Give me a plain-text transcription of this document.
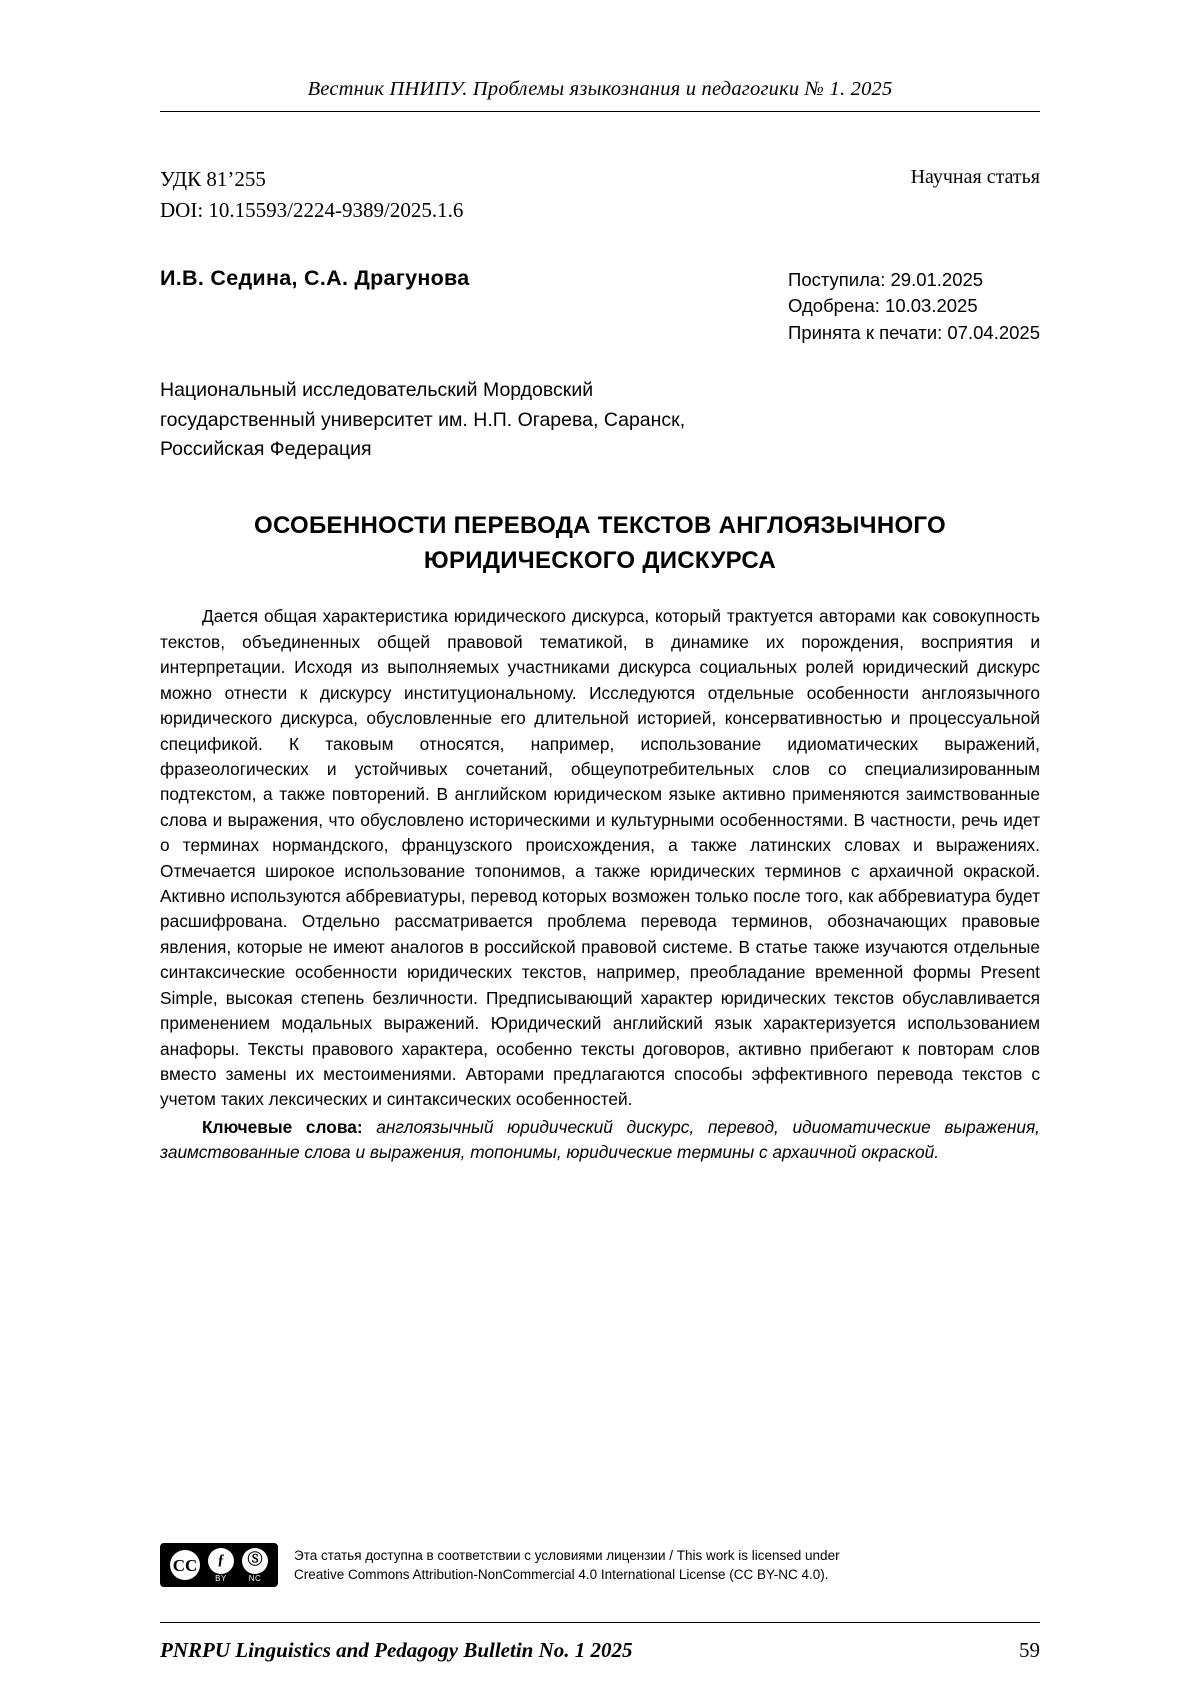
Вестник ПНИПУ. Проблемы языкознания и педагогики № 1. 2025
УДК 81’255
DOI: 10.15593/2224-9389/2025.1.6
Научная статья
И.В. Седина, С.А. Драгунова	Поступила: 29.01.2025
Одобрена: 10.03.2025
Принята к печати: 07.04.2025
Национальный исследовательский Мордовский государственный университет им. Н.П. Огарева, Саранск, Российская Федерация
ОСОБЕННОСТИ ПЕРЕВОДА ТЕКСТОВ АНГЛОЯЗЫЧНОГО ЮРИДИЧЕСКОГО ДИСКУРСА
Дается общая характеристика юридического дискурса, который трактуется авторами как совокупность текстов, объединенных общей правовой тематикой, в динамике их порождения, восприятия и интерпретации. Исходя из выполняемых участниками дискурса социальных ролей юридический дискурс можно отнести к дискурсу институциональному. Исследуются отдельные особенности англоязычного юридического дискурса, обусловленные его длительной историей, консервативностью и процессуальной спецификой. К таковым относятся, например, использование идиоматических выражений, фразеологических и устойчивых сочетаний, общеупотребительных слов со специализированным подтекстом, а также повторений. В английском юридическом языке активно применяются заимствованные слова и выражения, что обусловлено историческими и культурными особенностями. В частности, речь идет о терминах нормандского, французского происхождения, а также латинских словах и выражениях. Отмечается широкое использование топонимов, а также юридических терминов с архаичной окраской. Активно используются аббревиатуры, перевод которых возможен только после того, как аббревиатура будет расшифрована. Отдельно рассматривается проблема перевода терминов, обозначающих правовые явления, которые не имеют аналогов в российской правовой системе. В статье также изучаются отдельные синтаксические особенности юридических текстов, например, преобладание временной формы Present Simple, высокая степень безличности. Предписывающий характер юридических текстов обуславливается применением модальных выражений. Юридический английский язык характеризуется использованием анафоры. Тексты правового характера, особенно тексты договоров, активно прибегают к повторам слов вместо замены их местоимениями. Авторами предлагаются способы эффективного перевода текстов с учетом таких лексических и синтаксических особенностей.
Ключевые слова: англоязычный юридический дискурс, перевод, идиоматические выражения, заимствованные слова и выражения, топонимы, юридические термины с архаичной окраской.
CC	ƒ
BY
Ⓢ
NC
Эта статья доступна в соответствии с условиями лицензии / This work is licensed under
Creative Commons Attribution-NonCommercial 4.0 International License (CC BY-NC 4.0).
PNRPU Linguistics and Pedagogy Bulletin No. 1 2025	59
